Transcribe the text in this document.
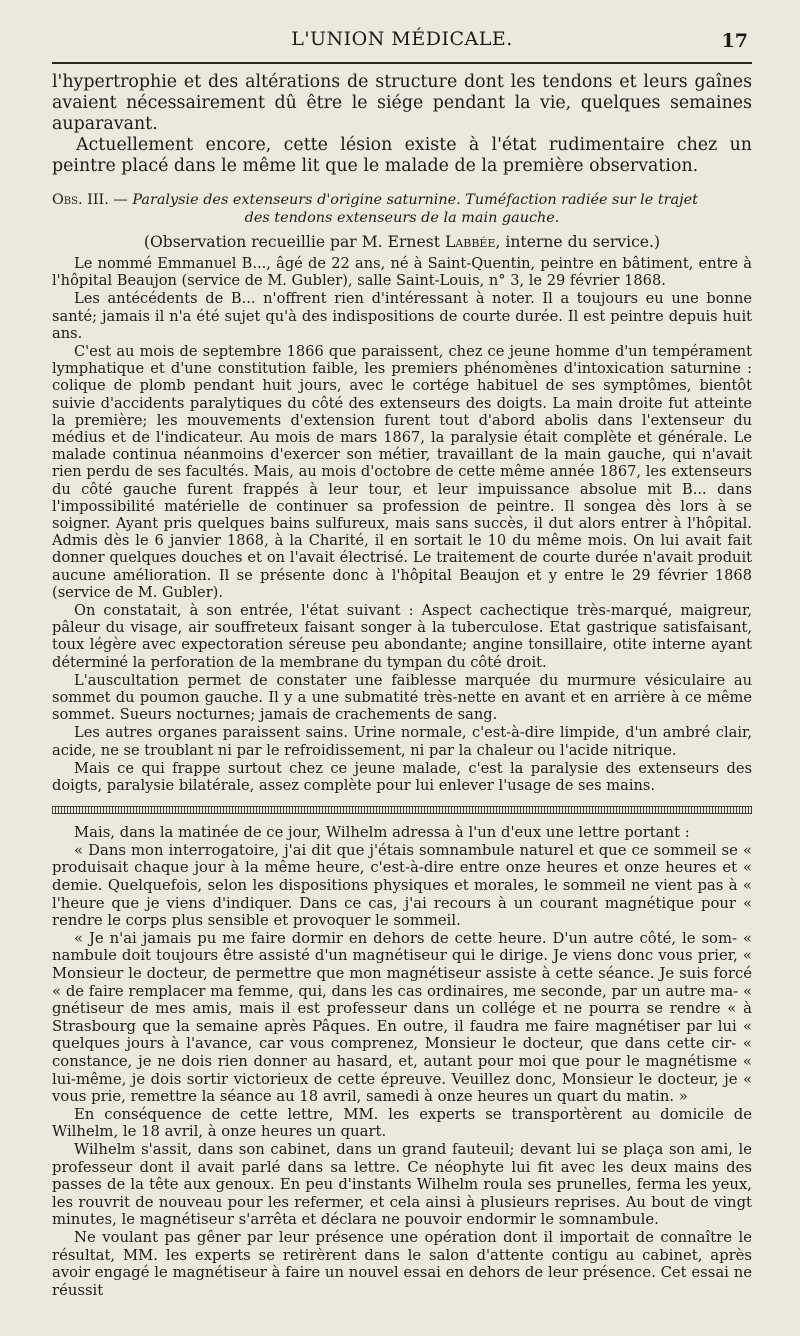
L'UNION MÉDICALE.	17

l'hypertrophie et des altérations de structure dont les tendons et leurs gaînes avaient nécessairement dû être le siége pendant la vie, quelques semaines auparavant.

Actuellement encore, cette lésion existe à l'état rudimentaire chez un peintre placé dans le même lit que le malade de la première observation.

Obs. III. — Paralysie des extenseurs d'origine saturnine. Tuméfaction radiée sur le trajet
des tendons extenseurs de la main gauche.
(Observation recueillie par M. Ernest Labbée, interne du service.)

Le nommé Emmanuel B..., âgé de 22 ans, né à Saint-Quentin, peintre en bâtiment, entre à l'hôpital Beaujon (service de M. Gubler), salle Saint-Louis, n° 3, le 29 février 1868.

Les antécédents de B... n'offrent rien d'intéressant à noter. Il a toujours eu une bonne santé; jamais il n'a été sujet qu'à des indispositions de courte durée. Il est peintre depuis huit ans.

C'est au mois de septembre 1866 que paraissent, chez ce jeune homme d'un tempérament lymphatique et d'une constitution faible, les premiers phénomènes d'intoxication saturnine : colique de plomb pendant huit jours, avec le cortége habituel de ses symptômes, bientôt suivie d'accidents paralytiques du côté des extenseurs des doigts. La main droite fut atteinte la première; les mouvements d'extension furent tout d'abord abolis dans l'extenseur du médius et de l'indicateur. Au mois de mars 1867, la paralysie était complète et générale. Le malade continua néanmoins d'exercer son métier, travaillant de la main gauche, qui n'avait rien perdu de ses facultés. Mais, au mois d'octobre de cette même année 1867, les extenseurs du côté gauche furent frappés à leur tour, et leur impuissance absolue mit B... dans l'impossibilité matérielle de continuer sa profession de peintre. Il songea dès lors à se soigner. Ayant pris quelques bains sulfureux, mais sans succès, il dut alors entrer à l'hôpital. Admis dès le 6 janvier 1868, à la Charité, il en sortait le 10 du même mois. On lui avait fait donner quelques douches et on l'avait électrisé. Le traitement de courte durée n'avait produit aucune amélioration. Il se présente donc à l'hôpital Beaujon et y entre le 29 février 1868 (service de M. Gubler).

On constatait, à son entrée, l'état suivant : Aspect cachectique très-marqué, maigreur, pâleur du visage, air souffreteux faisant songer à la tuberculose. Etat gastrique satisfaisant, toux légère avec expectoration séreuse peu abondante; angine tonsillaire, otite interne ayant déterminé la perforation de la membrane du tympan du côté droit.

L'auscultation permet de constater une faiblesse marquée du murmure vésiculaire au sommet du poumon gauche. Il y a une submatité très-nette en avant et en arrière à ce même sommet. Sueurs nocturnes; jamais de crachements de sang.

Les autres organes paraissent sains. Urine normale, c'est-à-dire limpide, d'un ambré clair, acide, ne se troublant ni par le refroidissement, ni par la chaleur ou l'acide nitrique.

Mais ce qui frappe surtout chez ce jeune malade, c'est la paralysie des extenseurs des doigts, paralysie bilatérale, assez complète pour lui enlever l'usage de ses mains.

Mais, dans la matinée de ce jour, Wilhelm adressa à l'un d'eux une lettre portant :

« Dans mon interrogatoire, j'ai dit que j'étais somnambule naturel et que ce sommeil se « produisait chaque jour à la même heure, c'est-à-dire entre onze heures et onze heures et « demie. Quelquefois, selon les dispositions physiques et morales, le sommeil ne vient pas à « l'heure que je viens d'indiquer. Dans ce cas, j'ai recours à un courant magnétique pour « rendre le corps plus sensible et provoquer le sommeil.

« Je n'ai jamais pu me faire dormir en dehors de cette heure. D'un autre côté, le som- « nambule doit toujours être assisté d'un magnétiseur qui le dirige. Je viens donc vous prier, « Monsieur le docteur, de permettre que mon magnétiseur assiste à cette séance. Je suis forcé « de faire remplacer ma femme, qui, dans les cas ordinaires, me seconde, par un autre ma- « gnétiseur de mes amis, mais il est professeur dans un collége et ne pourra se rendre « à Strasbourg que la semaine après Pâques. En outre, il faudra me faire magnétiser par lui « quelques jours à l'avance, car vous comprenez, Monsieur le docteur, que dans cette cir- « constance, je ne dois rien donner au hasard, et, autant pour moi que pour le magnétisme « lui-même, je dois sortir victorieux de cette épreuve. Veuillez donc, Monsieur le docteur, je « vous prie, remettre la séance au 18 avril, samedi à onze heures un quart du matin. »

En conséquence de cette lettre, MM. les experts se transportèrent au domicile de Wilhelm, le 18 avril, à onze heures un quart.

Wilhelm s'assit, dans son cabinet, dans un grand fauteuil; devant lui se plaça son ami, le professeur dont il avait parlé dans sa lettre. Ce néophyte lui fit avec les deux mains des passes de la tête aux genoux. En peu d'instants Wilhelm roula ses prunelles, ferma les yeux, les rouvrit de nouveau pour les refermer, et cela ainsi à plusieurs reprises. Au bout de vingt minutes, le magnétiseur s'arrêta et déclara ne pouvoir endormir le somnambule.

Ne voulant pas gêner par leur présence une opération dont il importait de connaître le résultat, MM. les experts se retirèrent dans le salon d'attente contigu au cabinet, après avoir engagé le magnétiseur à faire un nouvel essai en dehors de leur présence. Cet essai ne réussit
